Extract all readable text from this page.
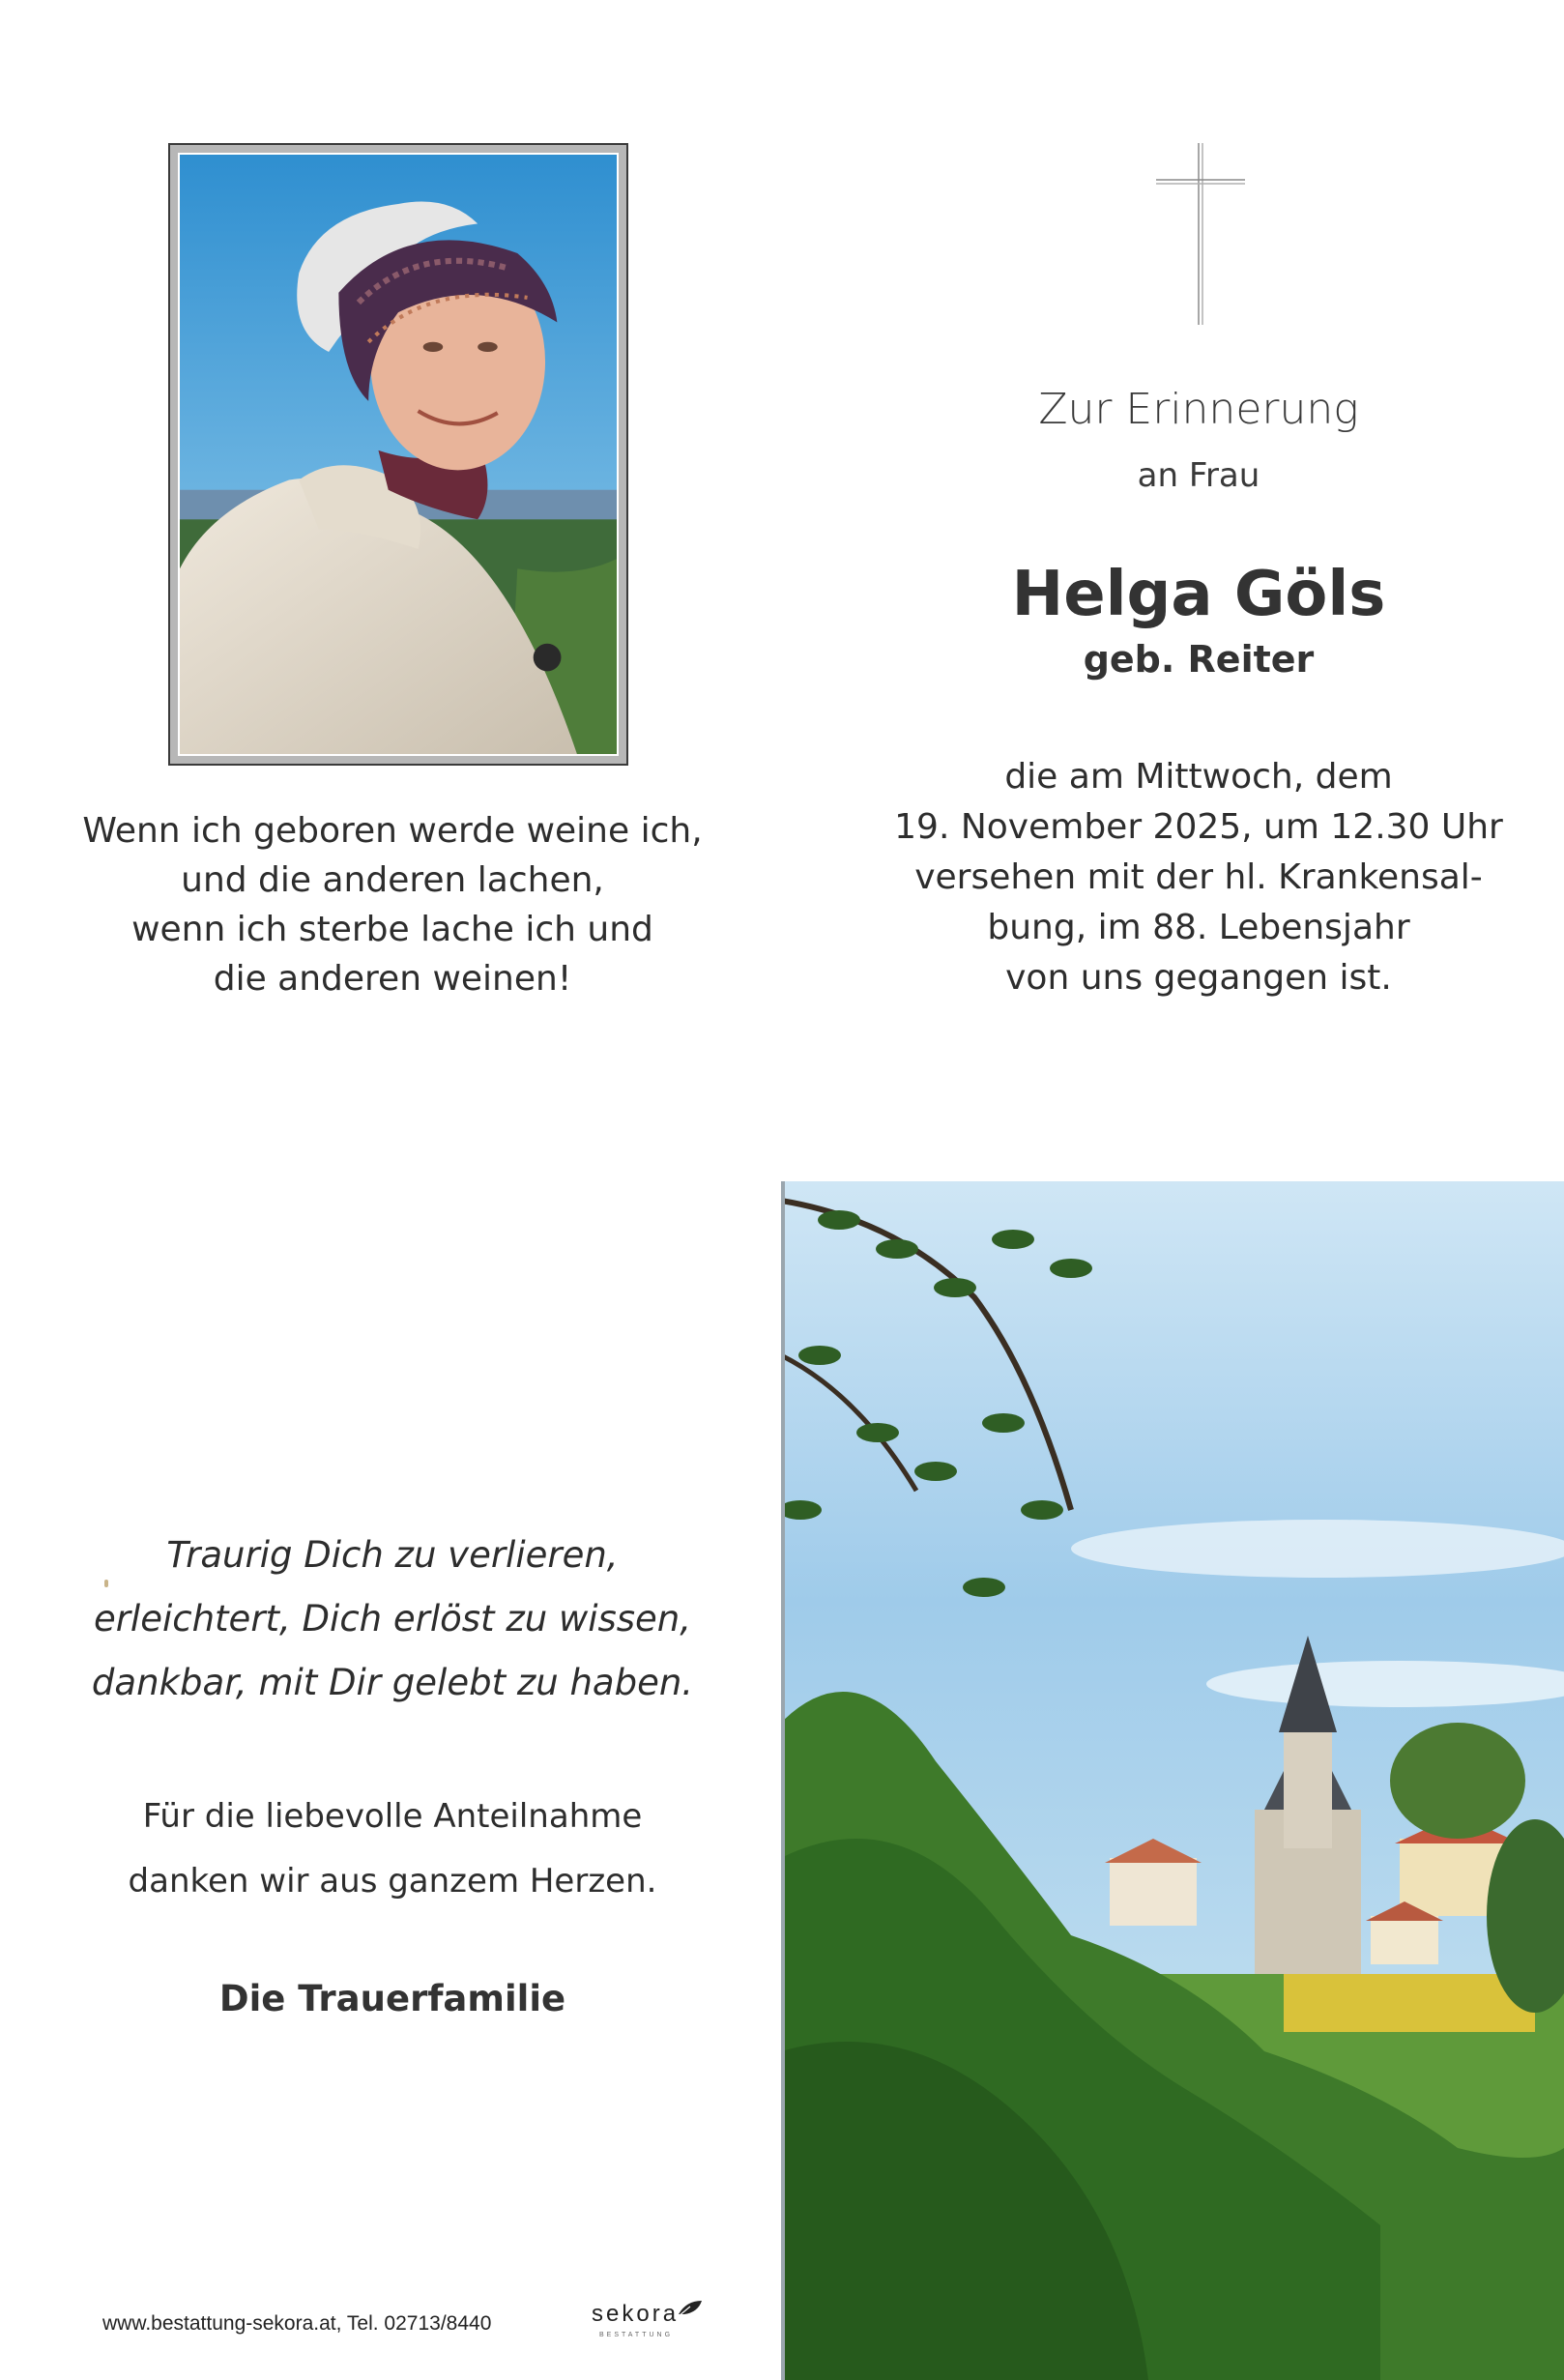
Zur Erinnerung
an Frau
Helga Göls
geb. Reiter
die am Mittwoch, dem
19. November 2025, um 12.30 Uhr
versehen mit der hl. Krankensal-
bung, im 88. Lebensjahr
von uns gegangen ist.
Wenn ich geboren werde weine ich,
und die anderen lachen,
wenn ich sterbe lache ich und
die anderen weinen!
Traurig Dich zu verlieren,
erleichtert, Dich erlöst zu wissen,
dankbar, mit Dir gelebt zu haben.
Für die liebevolle Anteilnahme
danken wir aus ganzem Herzen.
Die Trauerfamilie
www.bestattung-sekora.at, Tel. 02713/8440	sekora
BESTATTUNG
